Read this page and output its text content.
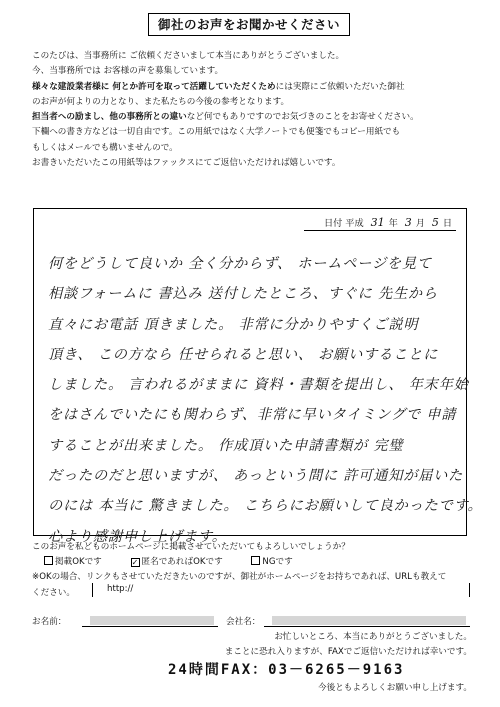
御社のお声をお聞かせください

このたびは、当事務所に ご依頼くださいまして本当にありがとうございました。

今、当事務所では お客様の声を募集しています。

様々な建設業者様に 何とか許可を取って活躍していただくためには実際にご依頼いただいた御社

のお声が何よりの力となり、また私たちの今後の参考となります。

担当者への励まし、他の事務所との違いなど何でもありですのでお気づきのことをお寄せください。

下欄への書き方などは一切自由です。この用紙ではなく大学ノートでも便箋でもコピー用紙でも

もしくはメールでも構いませんので。

お書きいただいたこの用紙等はファックスにてご返信いただければ嬉しいです。

日付 平成 31 年 3 月 5 日
何をどうして良いか 全く分からず、 ホームページを見て
相談フォームに 書込み 送付したところ、すぐに 先生から
直々にお電話 頂きました。 非常に分かりやすくご説明
頂き、 この方なら 任せられると思い、 お願いすることに
しました。 言われるがままに 資料・書類を提出し、 年末年始
をはさんでいたにも関わらず、非常に早いタイミングで 申請
することが出来ました。 作成頂いた申請書類が 完璧
だったのだと思いますが、 あっという間に 許可通知が届いた
のには 本当に 驚きました。 こちらにお願いして良かったです。
心より感謝申し上げます。
このお声を私どものホームページに掲載させていただいてもよろしいでしょうか？
掲載OKです	✓ 匿名であればOKです	NGです
※OKの場合、リンクもさせていただきたいのですが、御社がホームページをお持ちであれば、URLも教えて
ください。	http://
お名前：	会社名：
お忙しいところ、本当にありがとうございました。
まことに恐れ入りますが、FAXでご返信いただければ幸いです。
24時間FAX：03－6265－9163
今後ともよろしくお願い申し上げます。
